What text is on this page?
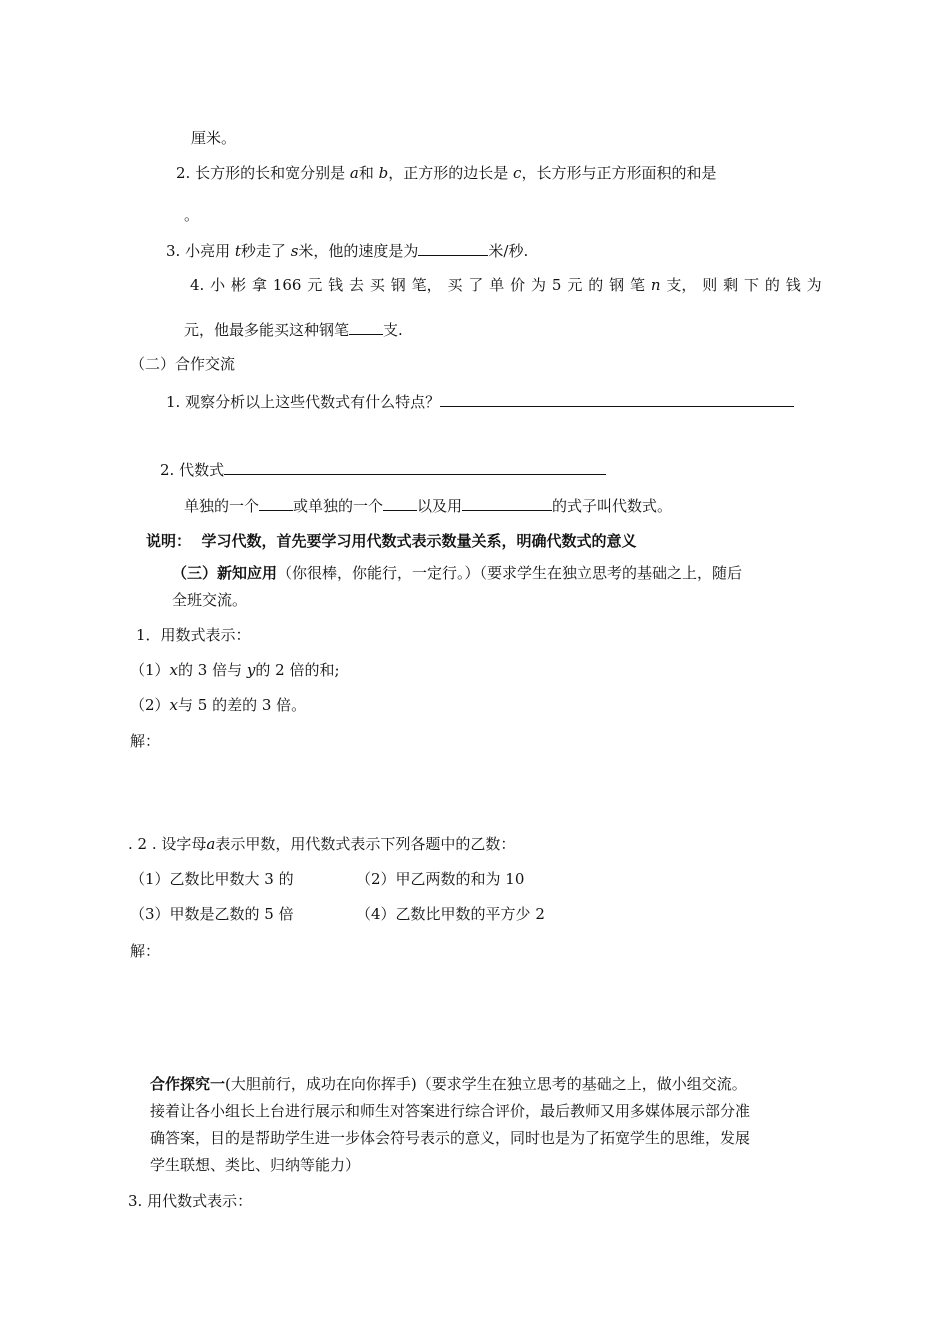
厘米。
2. 长方形的长和宽分别是 a和 b，正方形的边长是 c，长方形与正方形面积的和是
。
3. 小亮用 t秒走了 s米，他的速度是为	米/秒.
4. 小 彬 拿 166 元 钱 去 买 钢 笔， 买 了 单 价 为 5 元 的 钢 笔 n 支， 则 剩 下 的 钱 为
元，他最多能买这种钢笔 支.
（二）合作交流
1. 观察分析以上这些代数式有什么特点？
2. 代数式
单独的一个 或单独的一个 以及用	的式子叫代数式。
说明： 学习代数，首先要学习用代数式表示数量关系，明确代数式的意义
（三）新知应用（你很棒，你能行，一定行。）（要求学生在独立思考的基础之上，随后
全班交流。
1．用数式表示：
（1）x的 3 倍与 y的 2 倍的和;
（2）x与 5 的差的 3 倍。
解：
. 2 . 设字母a表示甲数，用代数式表示下列各题中的乙数：
（1）乙数比甲数大 3 的	（2）甲乙两数的和为 10
（3）甲数是乙数的 5 倍	（4）乙数比甲数的平方少 2
解：
合作探究一(大胆前行，成功在向你挥手)（要求学生在独立思考的基础之上，做小组交流。
接着让各小组长上台进行展示和师生对答案进行综合评价，最后教师又用多媒体展示部分准
确答案，目的是帮助学生进一步体会符号表示的意义，同时也是为了拓宽学生的思维，发展
学生联想、类比、归纳等能力）
3. 用代数式表示：
